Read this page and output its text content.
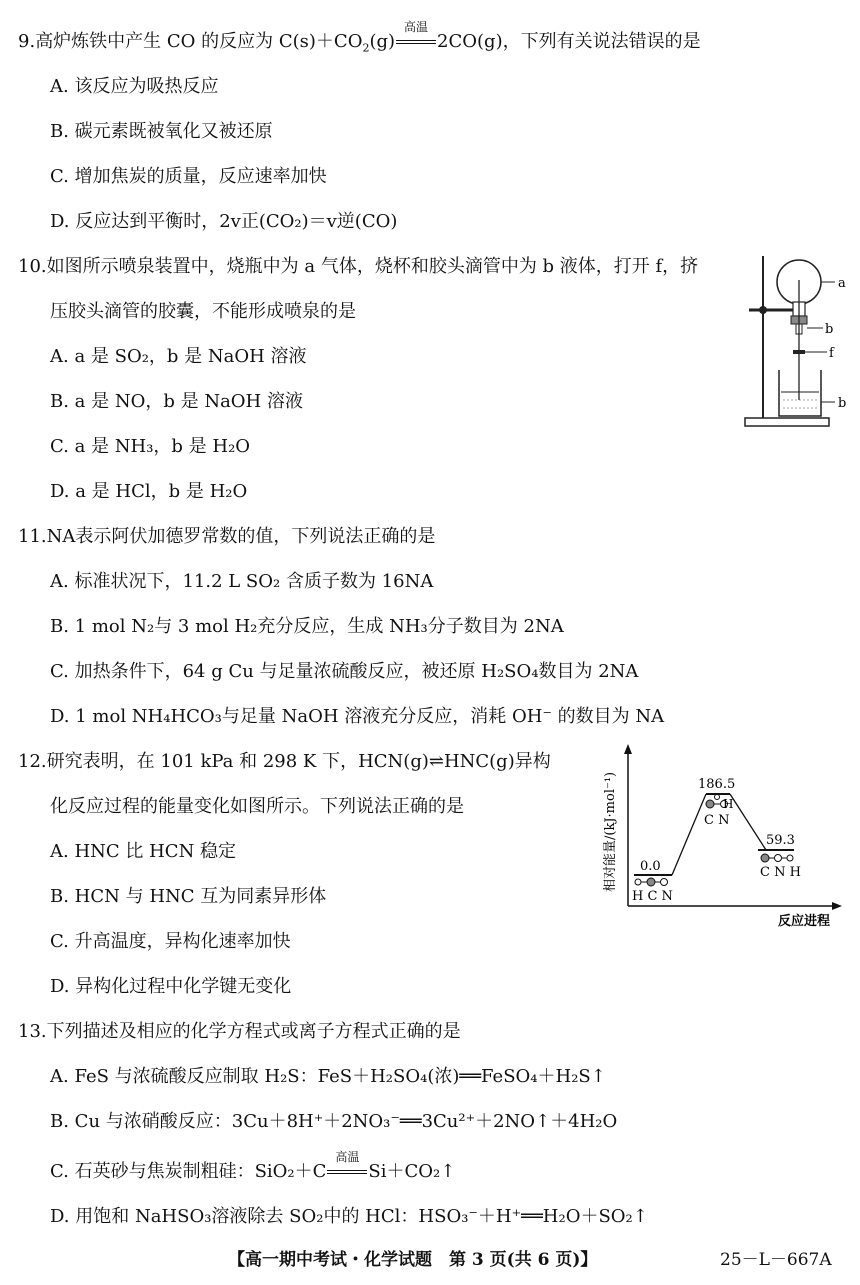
9.高炉炼铁中产生 CO 的反应为 $C(s)+CO_2(g)$
高温
2CO(g)，下列有关说法错误的是
A. 该反应为吸热反应
B. 碳元素既被氧化又被还原
C. 增加焦炭的质量，反应速率加快
D. 反应达到平衡时，2v正(CO₂)＝v逆(CO)
10.如图所示喷泉装置中，烧瓶中为 a 气体，烧杯和胶头滴管中为 b 液体，打开 f，挤
压胶头滴管的胶囊，不能形成喷泉的是
A. a 是 SO₂，b 是 NaOH 溶液
B. a 是 NO，b 是 NaOH 溶液
C. a 是 NH₃，b 是 H₂O
D. a 是 HCl，b 是 H₂O
a
b
f
b
11.NA表示阿伏加德罗常数的值，下列说法正确的是
A. 标准状况下，11.2 L SO₂ 含质子数为 16NA
B. 1 mol N₂与 3 mol H₂充分反应，生成 NH₃分子数目为 2NA
C. 加热条件下，64 g Cu 与足量浓硫酸反应，被还原 H₂SO₄数目为 2NA
D. 1 mol NH₄HCO₃与足量 NaOH 溶液充分反应，消耗 OH⁻ 的数目为 NA
12.研究表明，在 101 kPa 和 298 K 下，HCN(g)⇌HNC(g)异构
化反应过程的能量变化如图所示。下列说法正确的是
A. HNC 比 HCN 稳定
B. HCN 与 HNC 互为同素异形体
C. 升高温度，异构化速率加快
D. 异构化过程中化学键无变化
相对能量/(kJ·mol⁻¹)
反应进程
0.0
H C N
186.5
H
C N
59.3
C N H
13.下列描述及相应的化学方程式或离子方程式正确的是
A. FeS 与浓硫酸反应制取 H₂S：FeS＋H₂SO₄(浓)══FeSO₄＋H₂S↑
B. Cu 与浓硝酸反应：3Cu＋8H⁺＋2NO₃⁻══3Cu²⁺＋2NO↑＋4H₂O
C. 石英砂与焦炭制粗硅：SiO₂＋C
高温
Si＋CO₂↑
D. 用饱和 NaHSO₃溶液除去 SO₂中的 HCl：HSO₃⁻＋H⁺══H₂O＋SO₂↑
【高一期中考试・化学试题　第 3 页(共 6 页)】	25－L－667A
